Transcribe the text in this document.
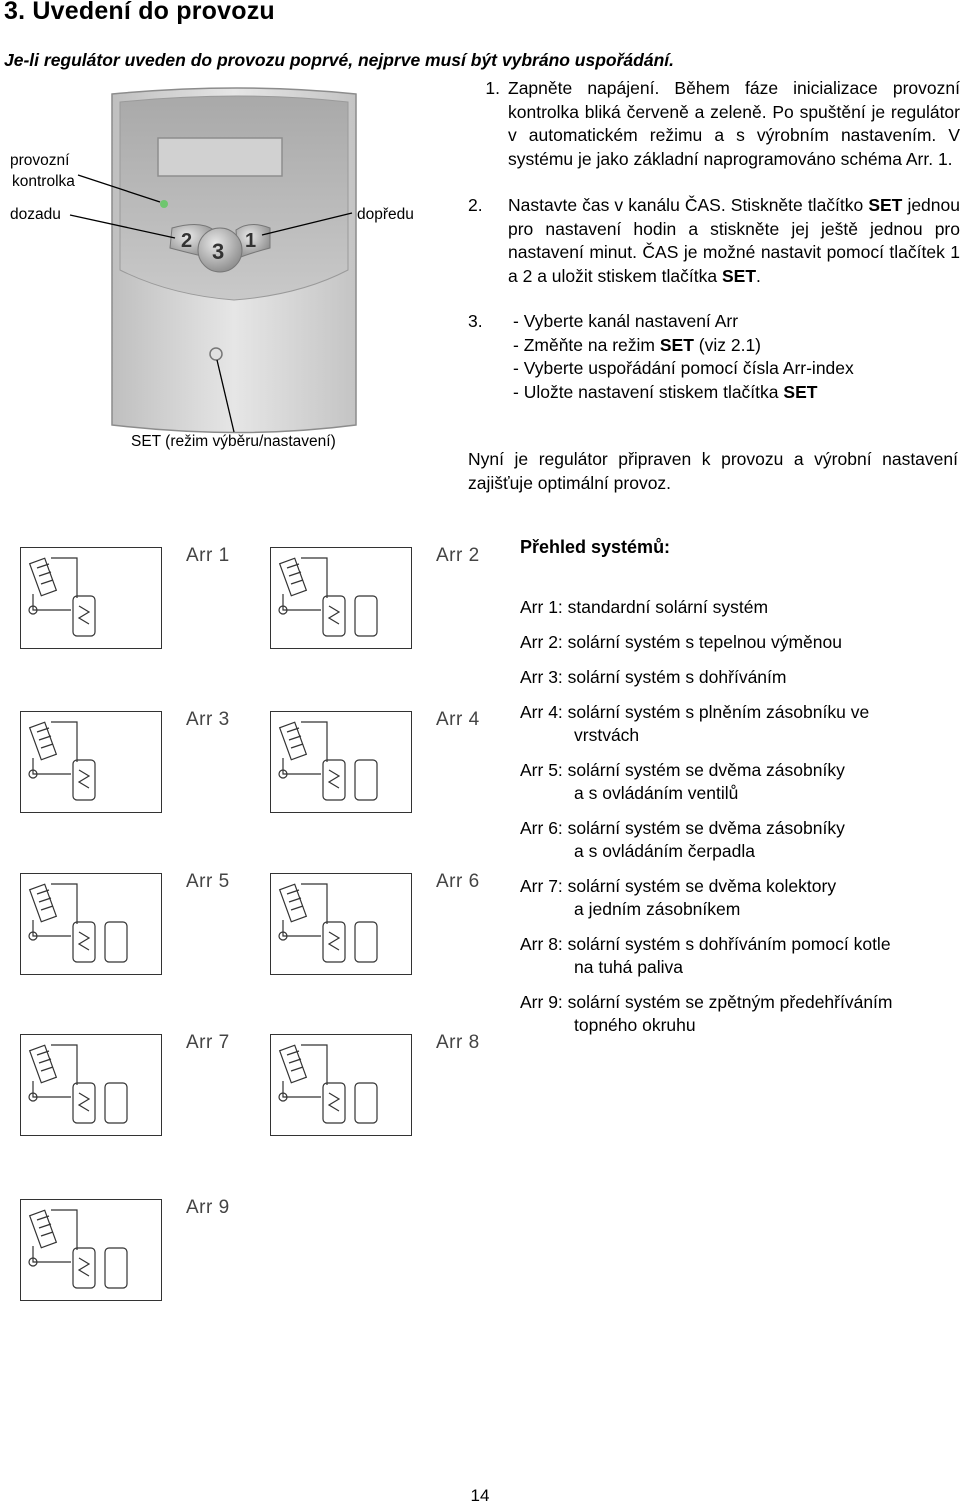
3. Uvedení do provozu
Je-li regulátor uveden do provozu poprvé, nejprve musí být vybráno uspořádání.
2	1
3
provozní
kontrolka
dozadu	dopředu
SET (režim výběru/nastavení)
1. Zapněte napájení. Během fáze inicializace provozní kontrolka bliká červeně a zeleně. Po spuštění je regulátor v automatickém režimu a s výrobním nastavením. V systému je jako základní naprogramováno schéma Arr. 1.
2.	Nastavte čas v kanálu ČAS. Stiskněte tlačítko SET jednou pro nastavení hodin a stiskněte jej ještě jednou pro nastavení minut. ČAS je možné nastavit pomocí tlačítek 1 a 2 a uložit stiskem tlačítka SET.
3.	- Vyberte kanál nastavení Arr
- Změňte na režim SET (viz 2.1)
- Vyberte uspořádání pomocí čísla Arr-index
- Uložte nastavení stiskem tlačítka SET
Nyní je regulátor připraven k provozu a výrobní nastavení zajišťuje optimální provoz.
Arr 1	Arr 2
Arr 3	Arr 4
Arr 5	Arr 6
Arr 7	Arr 8
Arr 9
Přehled systémů:
Arr 1: standardní solární systém
Arr 2: solární systém s tepelnou výměnou
Arr 3: solární systém s dohříváním
Arr 4: solární systém s plněním zásobníku ve
vrstvách
Arr 5: solární systém se dvěma zásobníky
a s ovládáním ventilů
Arr 6: solární systém se dvěma zásobníky
a s ovládáním čerpadla
Arr 7: solární systém se dvěma kolektory
a jedním zásobníkem
Arr 8: solární systém s dohříváním pomocí kotle
na tuhá paliva
Arr 9: solární systém se zpětným předehříváním
topného okruhu
14
